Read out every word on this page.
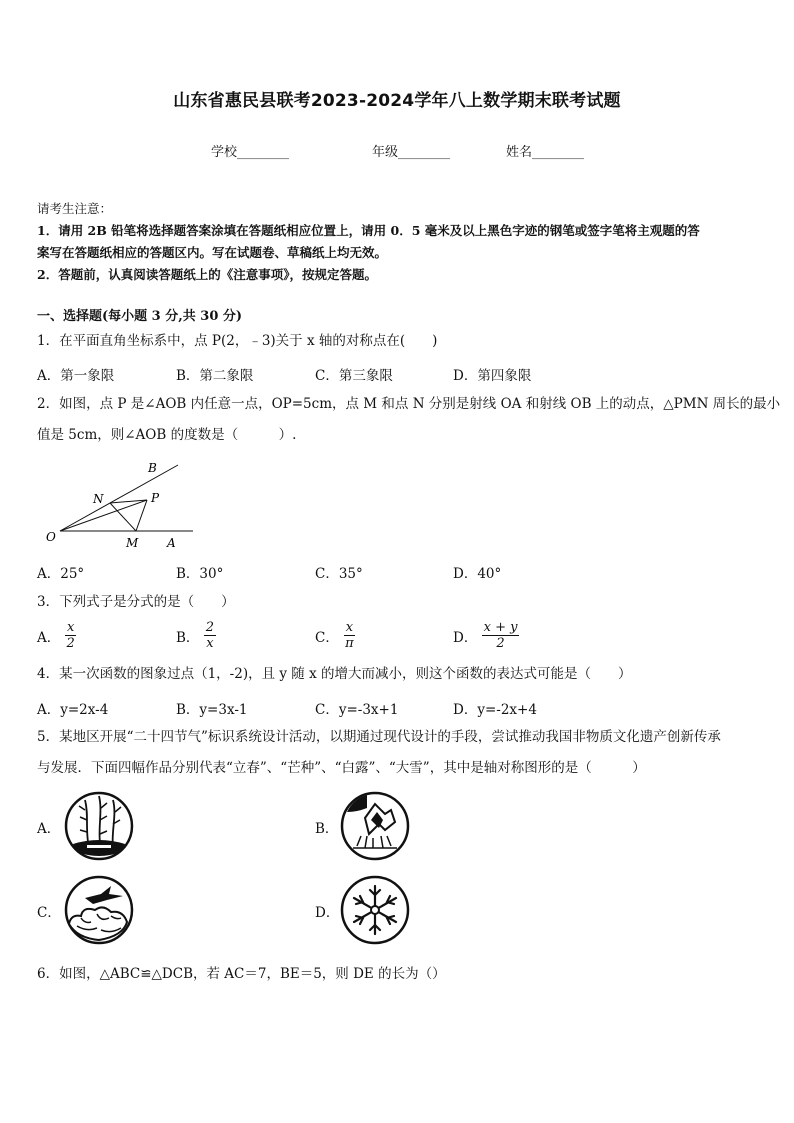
山东省惠民县联考2023-2024学年八上数学期末联考试题
学校________	年级________	姓名________
请考生注意：
1．请用 2B 铅笔将选择题答案涂填在答题纸相应位置上，请用 0．5 毫米及以上黑色字迹的钢笔或签字笔将主观题的答
案写在答题纸相应的答题区内。写在试题卷、草稿纸上均无效。
2．答题前，认真阅读答题纸上的《注意事项》，按规定答题。
一、选择题(每小题 3 分,共 30 分)
1．在平面直角坐标系中，点 P(2，﹣3)关于 x 轴的对称点在(　　)
A．第一象限	B．第二象限	C．第三象限	D．第四象限
2．如图，点 P 是∠AOB 内任意一点，OP=5cm，点 M 和点 N 分别是射线 OA 和射线 OB 上的动点，△PMN 周长的最小
值是 5cm，则∠AOB 的度数是（　　　）.
B
N	P
O	M A
A．25°	B．30°	C．35°	D．40°
3．下列式子是分式的是（　　）
A． $\frac{x}{2}$	B． $\frac{2}{x}$	C． $\frac{x}{\pi}$	D． $\frac{x + y}{2}$
4．某一次函数的图象过点（1，-2)，且 y 随 x 的增大而减小，则这个函数的表达式可能是（　　）
A．y=2x-4	B．y=3x-1	C．y=-3x+1	D．y=-2x+4
5．某地区开展“二十四节气”标识系统设计活动，以期通过现代设计的手段，尝试推动我国非物质文化遗产创新传承
与发展．下面四幅作品分别代表“立春”、“芒种”、“白露”、“大雪”，其中是轴对称图形的是（　　　）
A．	B．
C．	D．
6．如图，△ABC≌△DCB，若 AC＝7，BE＝5，则 DE 的长为（）
